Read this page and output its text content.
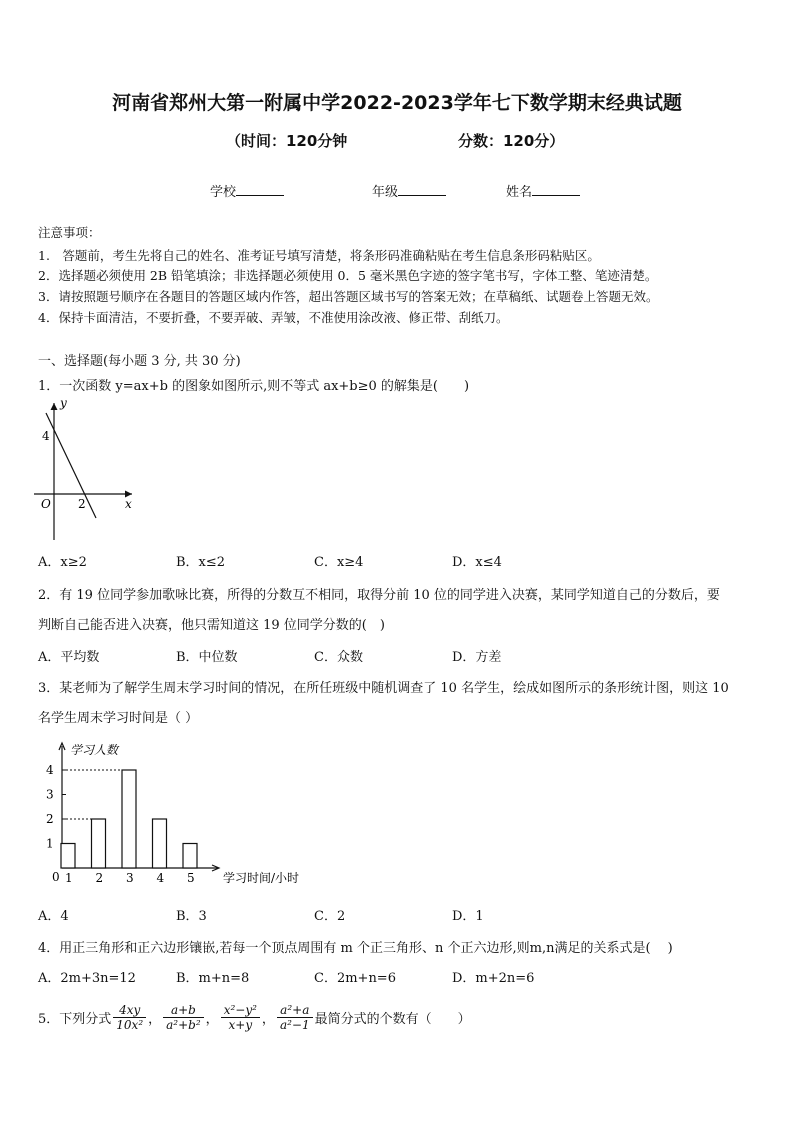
河南省郑州大第一附属中学2022-2023学年七下数学期末经典试题
（时间：120分钟	分数：120分）
学校	年级	姓名
注意事项：
1.　答题前，考生先将自己的姓名、准考证号填写清楚，将条形码准确粘贴在考生信息条形码粘贴区。
2．选择题必须使用 2B 铅笔填涂；非选择题必须使用 0．5 毫米黑色字迹的签字笔书写，字体工整、笔迹清楚。
3．请按照题号顺序在各题目的答题区域内作答，超出答题区域书写的答案无效；在草稿纸、试题卷上答题无效。
4．保持卡面清洁，不要折叠，不要弄破、弄皱，不准使用涂改液、修正带、刮纸刀。
一、选择题(每小题 3 分, 共 30 分)
1．一次函数 y=ax+b 的图象如图所示,则不等式 ax+b≥0 的解集是(　　)
y
x
O
4
2
A．x≥2	B．x≤2	C．x≥4	D．x≤4
2．有 19 位同学参加歌咏比赛，所得的分数互不相同，取得分前 10 位的同学进入决赛，某同学知道自己的分数后，要
判断自己能否进入决赛，他只需知道这 19 位同学分数的(　)
A．平均数	B．中位数	C．众数	D．方差
3．某老师为了解学生周末学习时间的情况，在所任班级中随机调查了 10 名学生，绘成如图所示的条形统计图，则这 10
名学生周末学习时间是（ ）
1
2
3
4
学习人数
学习时间/小时
0 1 2 3 4 5
A．4	B．3	C．2	D．1
4．用正三角形和正六边形镶嵌,若每一个顶点周围有 m 个正三角形、n 个正六边形,则m,n满足的关系式是(　 )
A．2m+3n=12	B．m+n=8	C．2m+n=6	D．m+2n=6
5．下列分式 $\frac{4xy}{\text{10x²}}$ ， $\frac{a+b}{\text{a²+b²}}$ ， $\frac{\text{x²−y²}}{x+y}$ ， $\frac{\text{a²+a}}{\text{a²−1}}$ 最简分式的个数有（　　）
